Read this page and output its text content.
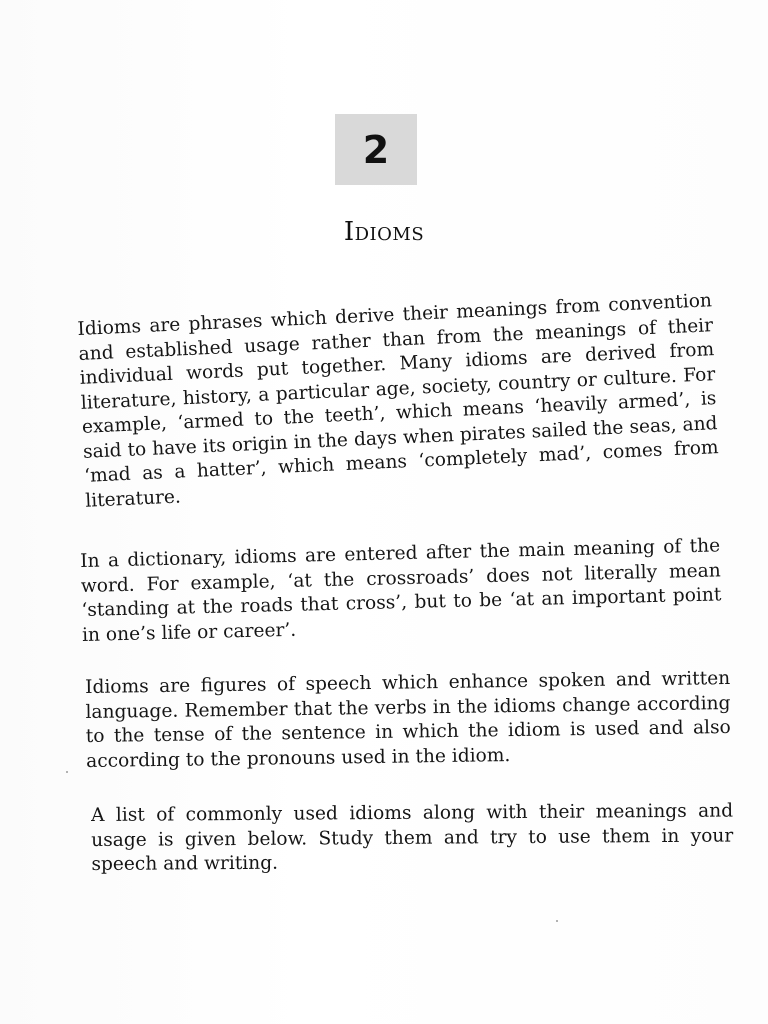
2
Idioms

Idioms are phrases which derive their meanings from convention and established usage rather than from the meanings of their individual words put together. Many idioms are derived from literature, history, a particular age, society, country or culture. For example, ‘armed to the teeth’, which means ‘heavily armed’, is said to have its origin in the days when pirates sailed the seas, and ‘mad as a hatter’, which means ‘completely mad’, comes from literature.

In a dictionary, idioms are entered after the main meaning of the word. For example, ‘at the crossroads’ does not literally mean ‘standing at the roads that cross’, but to be ‘at an important point in one’s life or career’.

Idioms are figures of speech which enhance spoken and written language. Remember that the verbs in the idioms change according to the tense of the sentence in which the idiom is used and also according to the pronouns used in the idiom.

A list of commonly used idioms along with their meanings and usage is given below. Study them and try to use them in your speech and writing.
